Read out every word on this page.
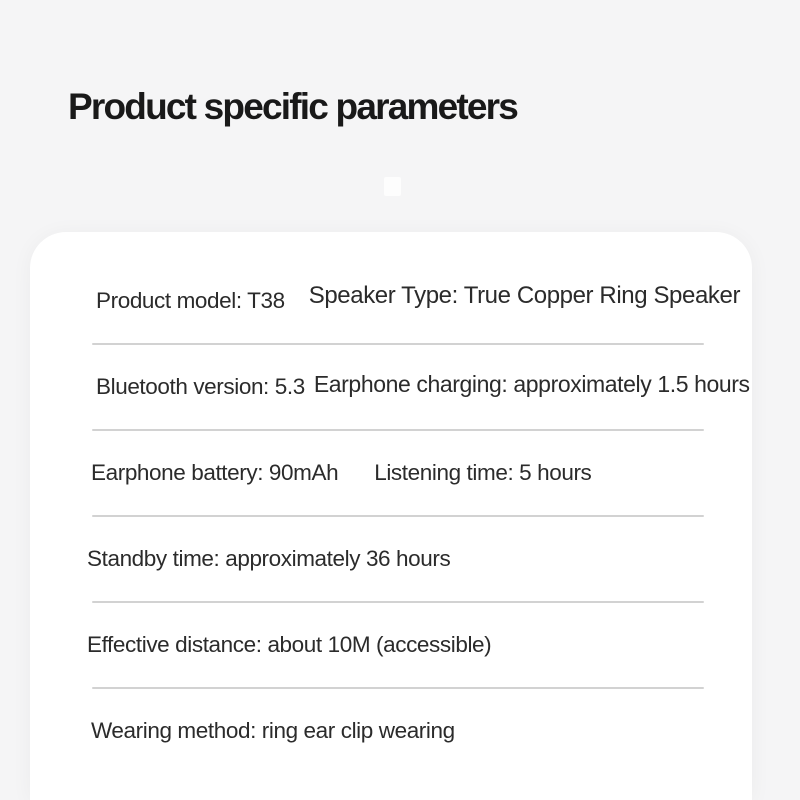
Product specific parameters
Product model: T38 Speaker Type: True Copper Ring Speaker
Bluetooth version: 5.3 Earphone charging: approximately 1.5 hours
Earphone battery: 90mAh Listening time: 5 hours
Standby time: approximately 36 hours
Effective distance: about 10M (accessible)
Wearing method: ring ear clip wearing
